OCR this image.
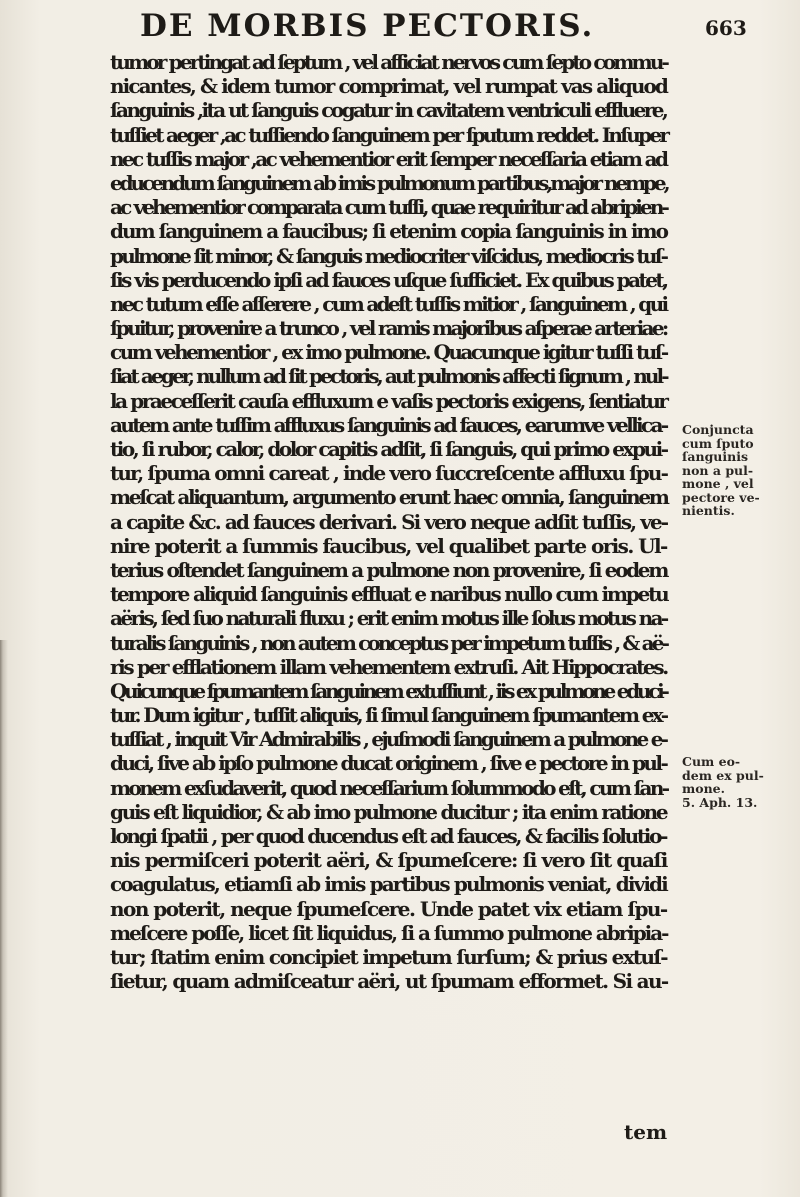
DE MORBIS PECTORIS.	663
tumor pertingat ad ſeptum , vel afficiat nervos cum ſepto commu-
nicantes, & idem tumor comprimat, vel rumpat vas aliquod
ſanguinis ,ita ut ſanguis cogatur in cavitatem ventriculi effluere,
tuſſiet aeger ,ac tuſſiendo ſanguinem per ſputum reddet. Inſuper
nec tuſſis major ,ac vehementior erit ſemper neceſſaria etiam ad
educendum ſanguinem ab imis pulmonum partibus,major nempe,
ac vehementior comparata cum tuſſi, quae requiritur ad abripien-
dum ſanguinem a faucibus; ſi etenim copia ſanguinis in imo
pulmone ſit minor, & ſanguis mediocriter viſcidus, mediocris tuſ-
ſis vis perducendo ipſi ad fauces uſque ſufficiet. Ex quibus patet,
nec tutum eſſe aſſerere , cum adeſt tuſſis mitior , ſanguinem , qui
ſpuitur, provenire a trunco , vel ramis majoribus aſperae arteriae:
cum vehementior , ex imo pulmone. Quacunque igitur tuſſi tuſ-
ſiat aeger, nullum ad ſit pectoris, aut pulmonis affecti ſignum , nul-
la praeceſſerit cauſa effluxum e vaſis pectoris exigens, ſentiatur
autem ante tuſſim affluxus ſanguinis ad fauces, earumve vellica-
tio, ſi rubor, calor, dolor capitis adſit, ſi ſanguis, qui primo expui-
tur, ſpuma omni careat , inde vero ſuccreſcente affluxu ſpu-
meſcat aliquantum, argumento erunt haec omnia, ſanguinem
a capite &c. ad fauces derivari. Si vero neque adſit tuſſis, ve-
nire poterit a ſummis faucibus, vel qualibet parte oris. Ul-
terius oſtendet ſanguinem a pulmone non provenire, ſi eodem
tempore aliquid ſanguinis effluat e naribus nullo cum impetu
aëris, ſed ſuo naturali fluxu ; erit enim motus ille ſolus motus na-
turalis ſanguinis , non autem conceptus per impetum tuſſis , & aë-
ris per efflationem illam vehementem extruſi. Ait Hippocrates.
Quicunque ſpumantem ſanguinem extuſſiunt , iis ex pulmone educi-
tur. Dum igitur , tuſſit aliquis, ſi ſimul ſanguinem ſpumantem ex-
tuſſiat , inquit Vir Admirabilis , ejuſmodi ſanguinem a pulmone e-
duci, ſive ab ipſo pulmone ducat originem , ſive e pectore in pul-
monem exſudaverit, quod neceſſarium ſolummodo eſt, cum ſan-
guis eſt liquidior, & ab imo pulmone ducitur ; ita enim ratione
longi ſpatii , per quod ducendus eſt ad fauces, & facilis ſolutio-
nis permiſceri poterit aëri, & ſpumeſcere: ſi vero ſit quaſi
coagulatus, etiamſi ab imis partibus pulmonis veniat, dividi
non poterit, neque ſpumeſcere. Unde patet vix etiam ſpu-
meſcere poſſe, licet ſit liquidus, ſi a ſummo pulmone abripia-
tur; ſtatim enim concipiet impetum ſurſum; & prius extuſ-
ſietur, quam admiſceatur aëri, ut ſpumam efformet. Si au-
Conjuncta
cum ſputo
ſanguinis
non a pul-
mone , vel
pectore ve-
nientis.
Cum eo-
dem ex pul-
mone.
5. Aph. 13.
tem
